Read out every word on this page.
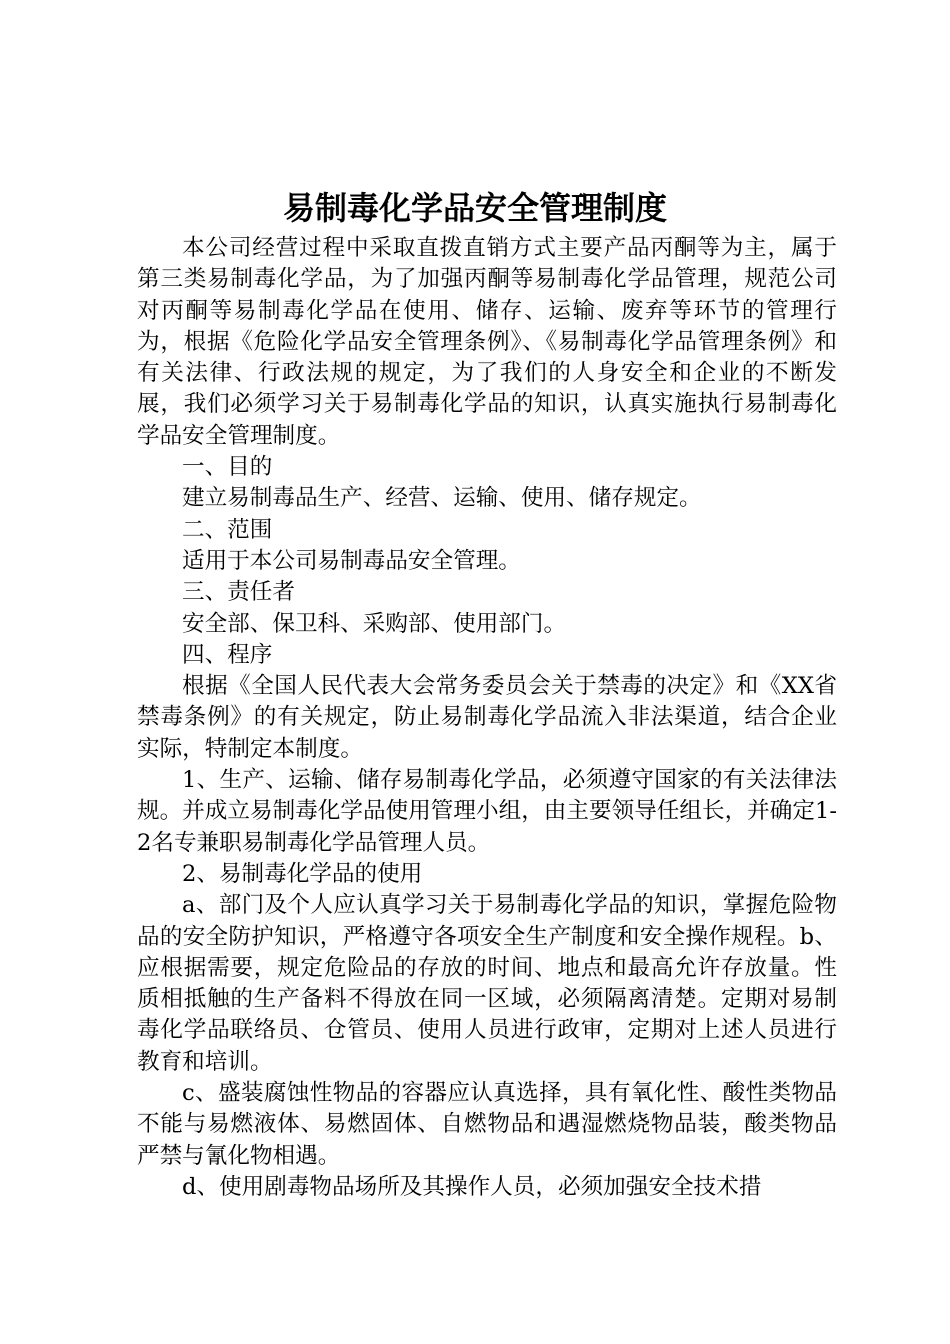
易制毒化学品安全管理制度

本公司经营过程中采取直拨直销方式主要产品丙酮等为主，属于第三类易制毒化学品，为了加强丙酮等易制毒化学品管理，规范公司对丙酮等易制毒化学品在使用、储存、运输、废弃等环节的管理行为，根据《危险化学品安全管理条例》、《易制毒化学品管理条例》和有关法律、行政法规的规定，为了我们的人身安全和企业的不断发展，我们必须学习关于易制毒化学品的知识，认真实施执行易制毒化学品安全管理制度。

一、目的

建立易制毒品生产、经营、运输、使用、储存规定。

二、范围

适用于本公司易制毒品安全管理。

三、责任者

安全部、保卫科、采购部、使用部门。

四、程序

根据《全国人民代表大会常务委员会关于禁毒的决定》和《XX省禁毒条例》的有关规定，防止易制毒化学品流入非法渠道，结合企业实际，特制定本制度。

1、生产、运输、储存易制毒化学品，必须遵守国家的有关法律法规。并成立易制毒化学品使用管理小组，由主要领导任组长，并确定1-2名专兼职易制毒化学品管理人员。

2、易制毒化学品的使用

a、部门及个人应认真学习关于易制毒化学品的知识，掌握危险物品的安全防护知识，严格遵守各项安全生产制度和安全操作规程。b、应根据需要，规定危险品的存放的时间、地点和最高允许存放量。性质相抵触的生产备料不得放在同一区域，必须隔离清楚。定期对易制毒化学品联络员、仓管员、使用人员进行政审，定期对上述人员进行教育和培训。

c、盛装腐蚀性物品的容器应认真选择，具有氧化性、酸性类物品不能与易燃液体、易燃固体、自燃物品和遇湿燃烧物品装，酸类物品严禁与氰化物相遇。

d、使用剧毒物品场所及其操作人员，必须加强安全技术措
